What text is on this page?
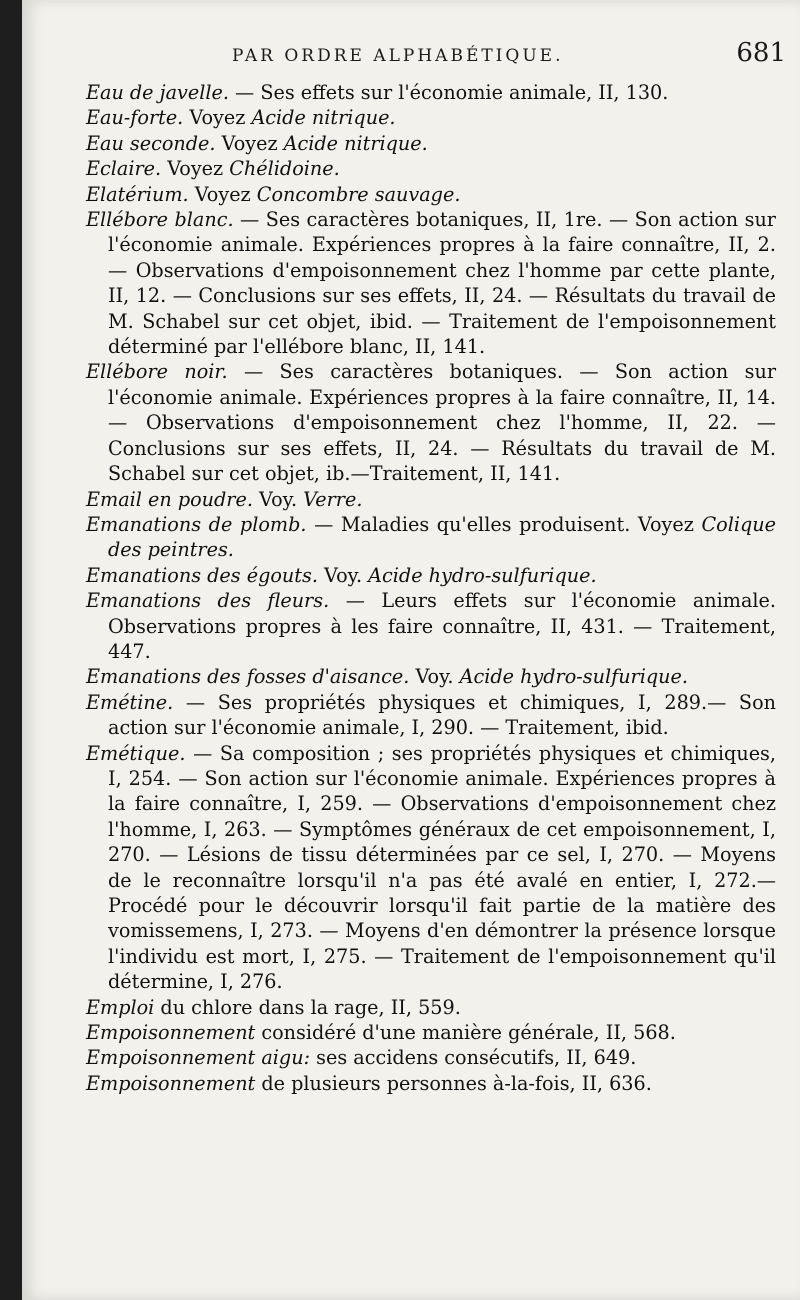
PAR ORDRE ALPHABÉTIQUE.	681
Eau de javelle. — Ses effets sur l'économie animale, II, 130.
Eau-forte. Voyez Acide nitrique.
Eau seconde. Voyez Acide nitrique.
Eclaire. Voyez Chélidoine.
Elatérium. Voyez Concombre sauvage.
Ellébore blanc. — Ses caractères botaniques, II, 1re. — Son action sur l'économie animale. Expériences propres à la faire connaître, II, 2. — Observations d'empoisonnement chez l'homme par cette plante, II, 12. — Conclusions sur ses effets, II, 24. — Résultats du travail de M. Schabel sur cet objet, ibid. — Traitement de l'empoisonnement déterminé par l'ellébore blanc, II, 141.
Ellébore noir. — Ses caractères botaniques. — Son action sur l'économie animale. Expériences propres à la faire connaître, II, 14. — Observations d'empoisonnement chez l'homme, II, 22. — Conclusions sur ses effets, II, 24. — Résultats du travail de M. Schabel sur cet objet, ib.—Traitement, II, 141.
Email en poudre. Voy. Verre.
Emanations de plomb. — Maladies qu'elles produisent. Voyez Colique des peintres.
Emanations des égouts. Voy. Acide hydro-sulfurique.
Emanations des fleurs. — Leurs effets sur l'économie animale. Observations propres à les faire connaître, II, 431. — Traitement, 447.
Emanations des fosses d'aisance. Voy. Acide hydro-sulfurique.
Emétine. — Ses propriétés physiques et chimiques, I, 289.— Son action sur l'économie animale, I, 290. — Traitement, ibid.
Emétique. — Sa composition ; ses propriétés physiques et chimiques, I, 254. — Son action sur l'économie animale. Expériences propres à la faire connaître, I, 259. — Observations d'empoisonnement chez l'homme, I, 263. — Symptômes généraux de cet empoisonnement, I, 270. — Lésions de tissu déterminées par ce sel, I, 270. — Moyens de le reconnaître lorsqu'il n'a pas été avalé en entier, I, 272.— Procédé pour le découvrir lorsqu'il fait partie de la matière des vomissemens, I, 273. — Moyens d'en démontrer la présence lorsque l'individu est mort, I, 275. — Traitement de l'empoisonnement qu'il détermine, I, 276.
Emploi du chlore dans la rage, II, 559.
Empoisonnement considéré d'une manière générale, II, 568.
Empoisonnement aigu: ses accidens consécutifs, II, 649.
Empoisonnement de plusieurs personnes à-la-fois, II, 636.
